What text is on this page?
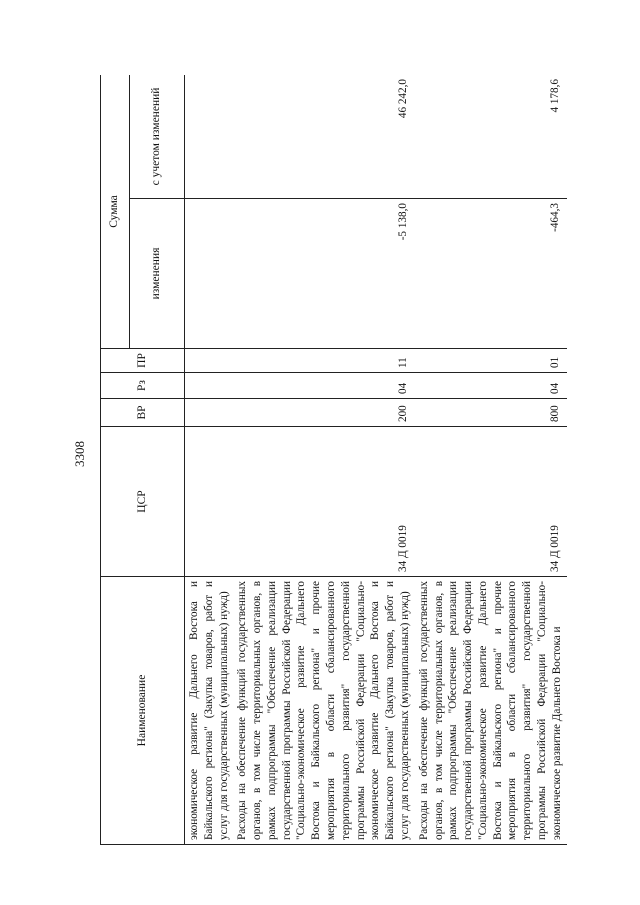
3308
Наименование	ЦСР	ВР	Рз	ПР	Сумма	
					изменения	с учетом изменений
экономическое развитие Дальнего Востока и Байкальского региона" (Закупка товаров, работ и услуг для государственных (муниципальных) нужд)						
Расходы на обеспечение функций государственных органов, в том числе территориальных органов, в рамках подпрограммы "Обеспечение реализации государственной программы Российской Федерации "Социально-экономическое развитие Дальнего Востока и Байкальского региона" и прочие мероприятия в области сбалансированного территориального развития" государственной программы Российской Федерации "Социально-экономическое развитие Дальнего Востока и Байкальского региона" (Закупка товаров, работ и услуг для государственных (муниципальных) нужд)	34 Д 0019	200	04	11	-5 138,0	46 242,0
Расходы на обеспечение функций государственных органов, в том числе территориальных органов, в рамках подпрограммы "Обеспечение реализации государственной программы Российской Федерации "Социально-экономическое развитие Дальнего Востока и Байкальского региона" и прочие мероприятия в области сбалансированного территориального развития" государственной программы Российской Федерации "Социально-экономическое развитие Дальнего Востока и	34 Д 0019	800	04	01	-464,3	4 178,6
